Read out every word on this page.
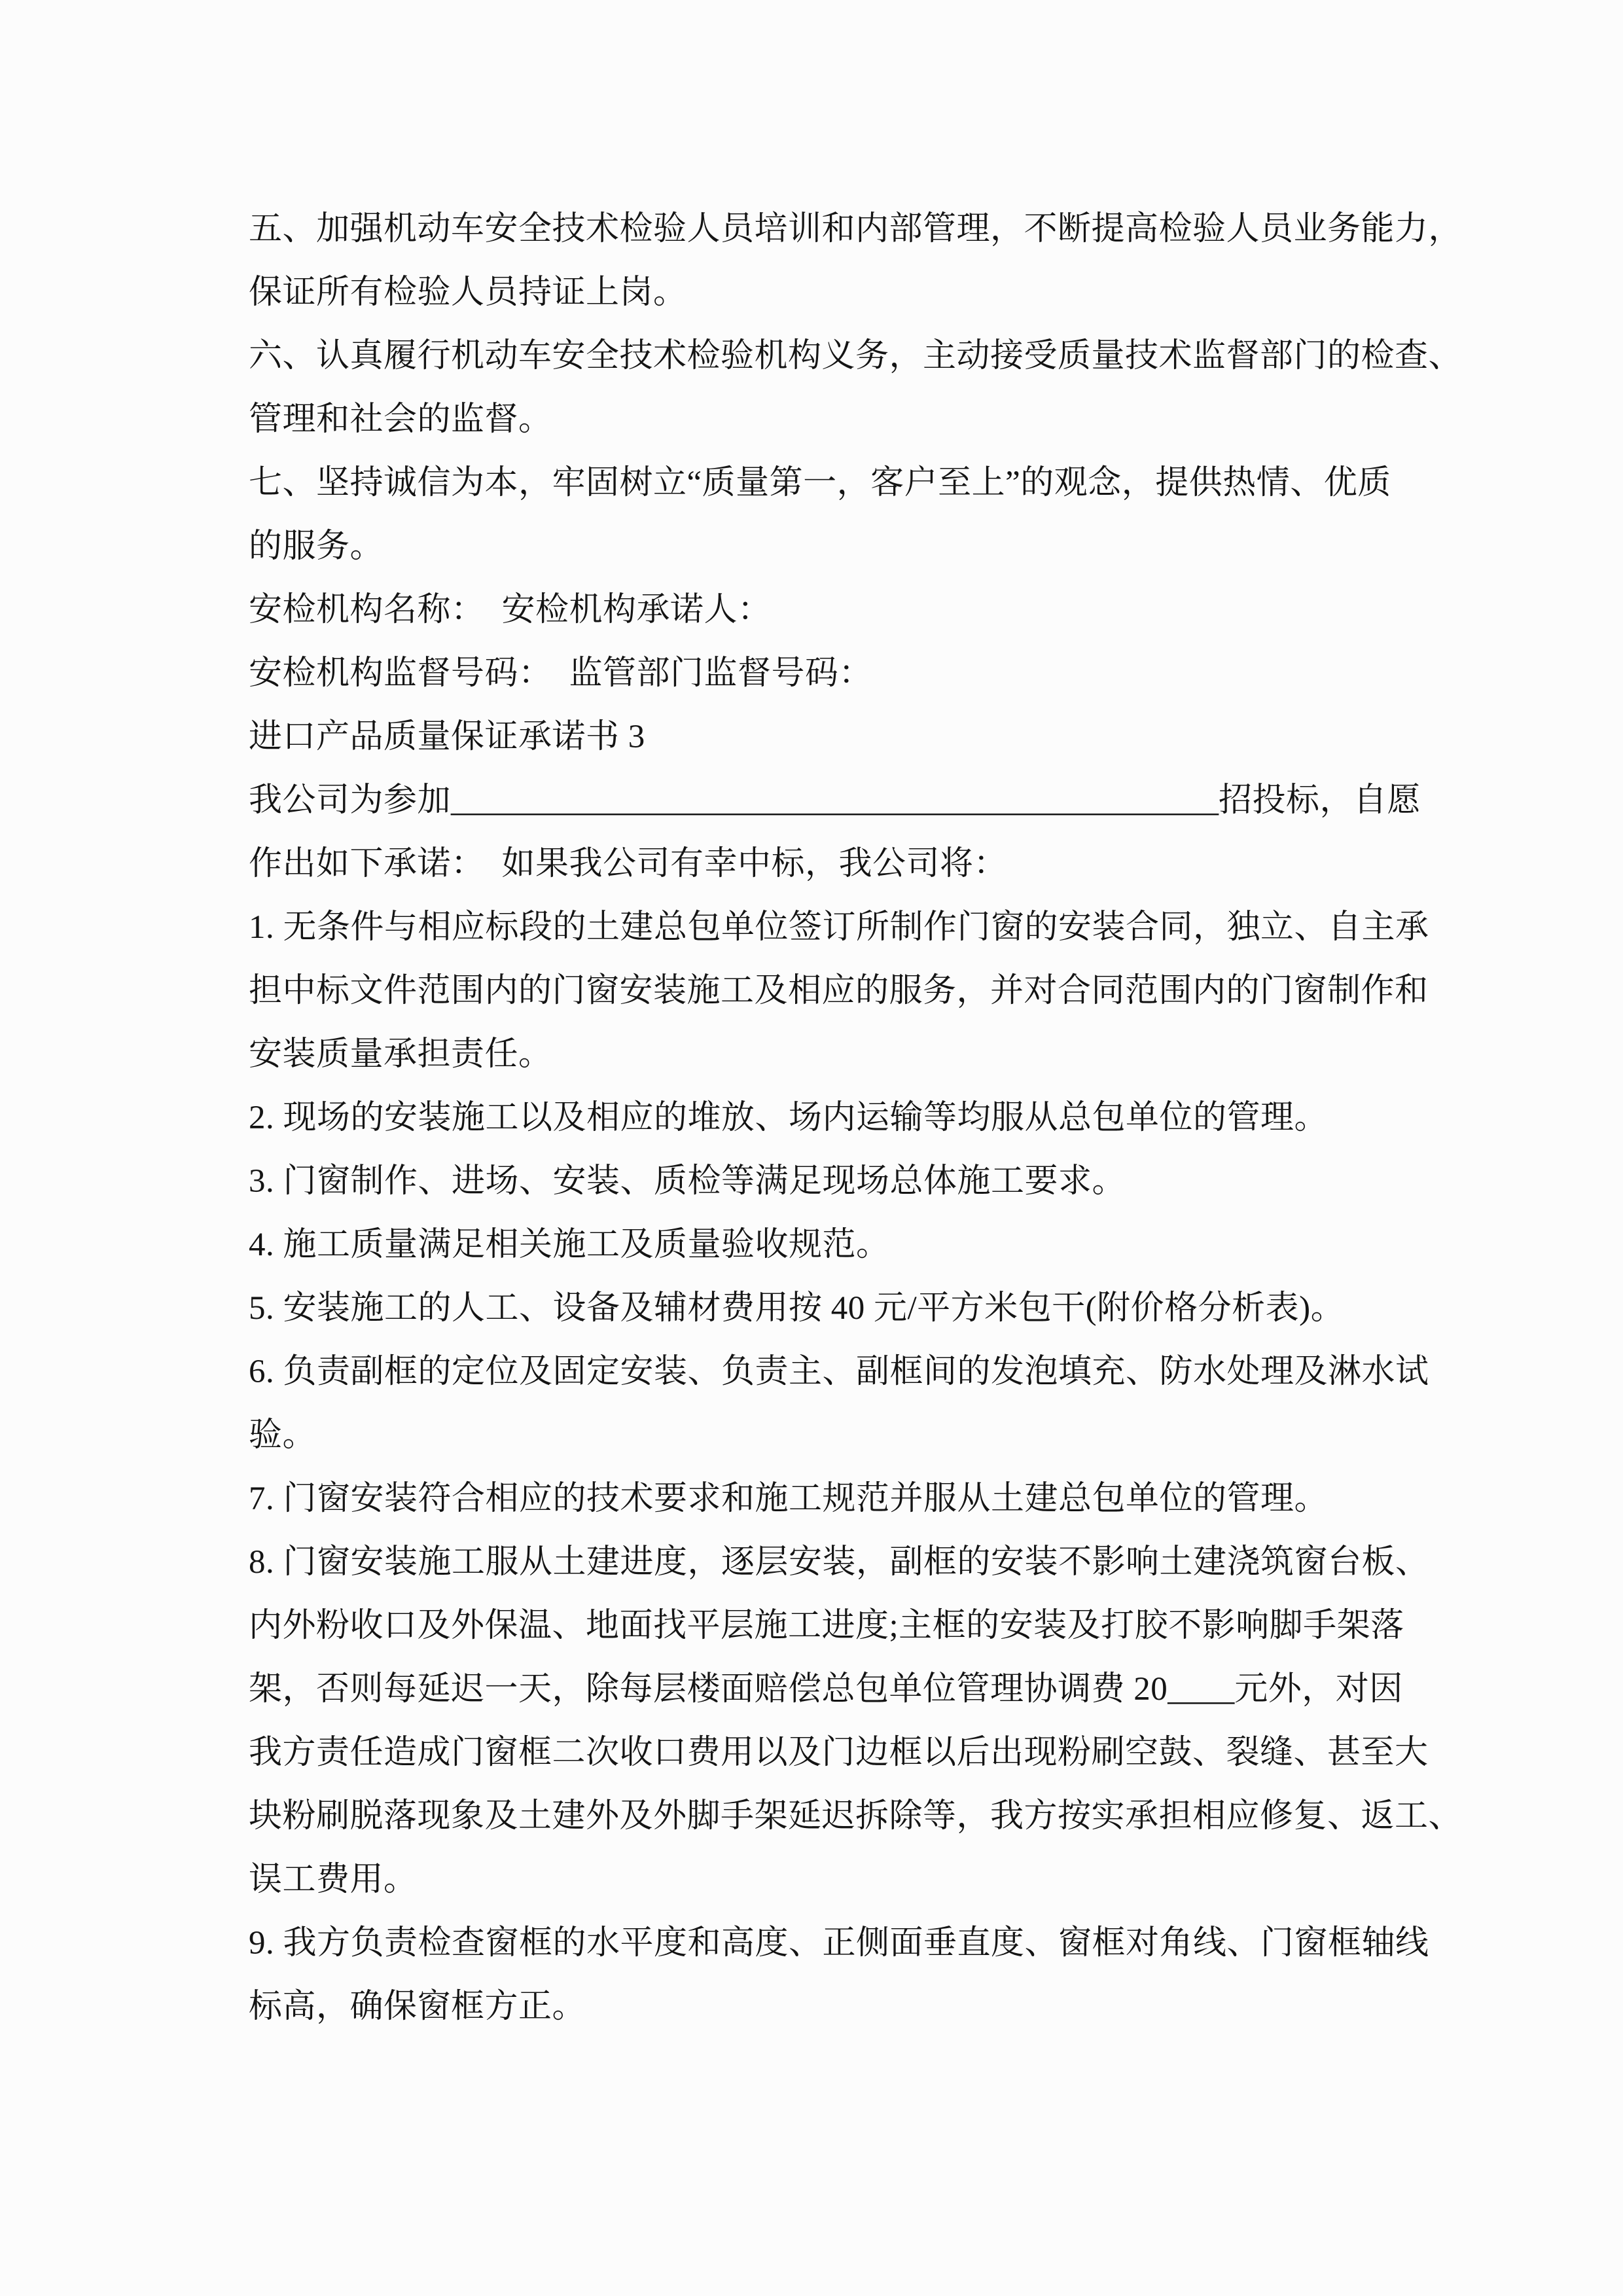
五、加强机动车安全技术检验人员培训和内部管理，不断提高检验人员业务能力，
保证所有检验人员持证上岗。
六、认真履行机动车安全技术检验机构义务，主动接受质量技术监督部门的检查、
管理和社会的监督。
七、坚持诚信为本，牢固树立“质量第一，客户至上”的观念，提供热情、优质
的服务。
安检机构名称：　安检机构承诺人：
安检机构监督号码：　监管部门监督号码：
进口产品质量保证承诺书 3
我公司为参加______________________________________________招投标，自愿
作出如下承诺：　如果我公司有幸中标，我公司将：
1. 无条件与相应标段的土建总包单位签订所制作门窗的安装合同，独立、自主承
担中标文件范围内的门窗安装施工及相应的服务，并对合同范围内的门窗制作和
安装质量承担责任。
2. 现场的安装施工以及相应的堆放、场内运输等均服从总包单位的管理。
3. 门窗制作、进场、安装、质检等满足现场总体施工要求。
4. 施工质量满足相关施工及质量验收规范。
5. 安装施工的人工、设备及辅材费用按 40 元/平方米包干(附价格分析表)。
6. 负责副框的定位及固定安装、负责主、副框间的发泡填充、防水处理及淋水试
验。
7. 门窗安装符合相应的技术要求和施工规范并服从土建总包单位的管理。
8. 门窗安装施工服从土建进度，逐层安装，副框的安装不影响土建浇筑窗台板、
内外粉收口及外保温、地面找平层施工进度;主框的安装及打胶不影响脚手架落
架，否则每延迟一天，除每层楼面赔偿总包单位管理协调费 20____元外，对因
我方责任造成门窗框二次收口费用以及门边框以后出现粉刷空鼓、裂缝、甚至大
块粉刷脱落现象及土建外及外脚手架延迟拆除等，我方按实承担相应修复、返工、
误工费用。
9. 我方负责检查窗框的水平度和高度、正侧面垂直度、窗框对角线、门窗框轴线
标高，确保窗框方正。
